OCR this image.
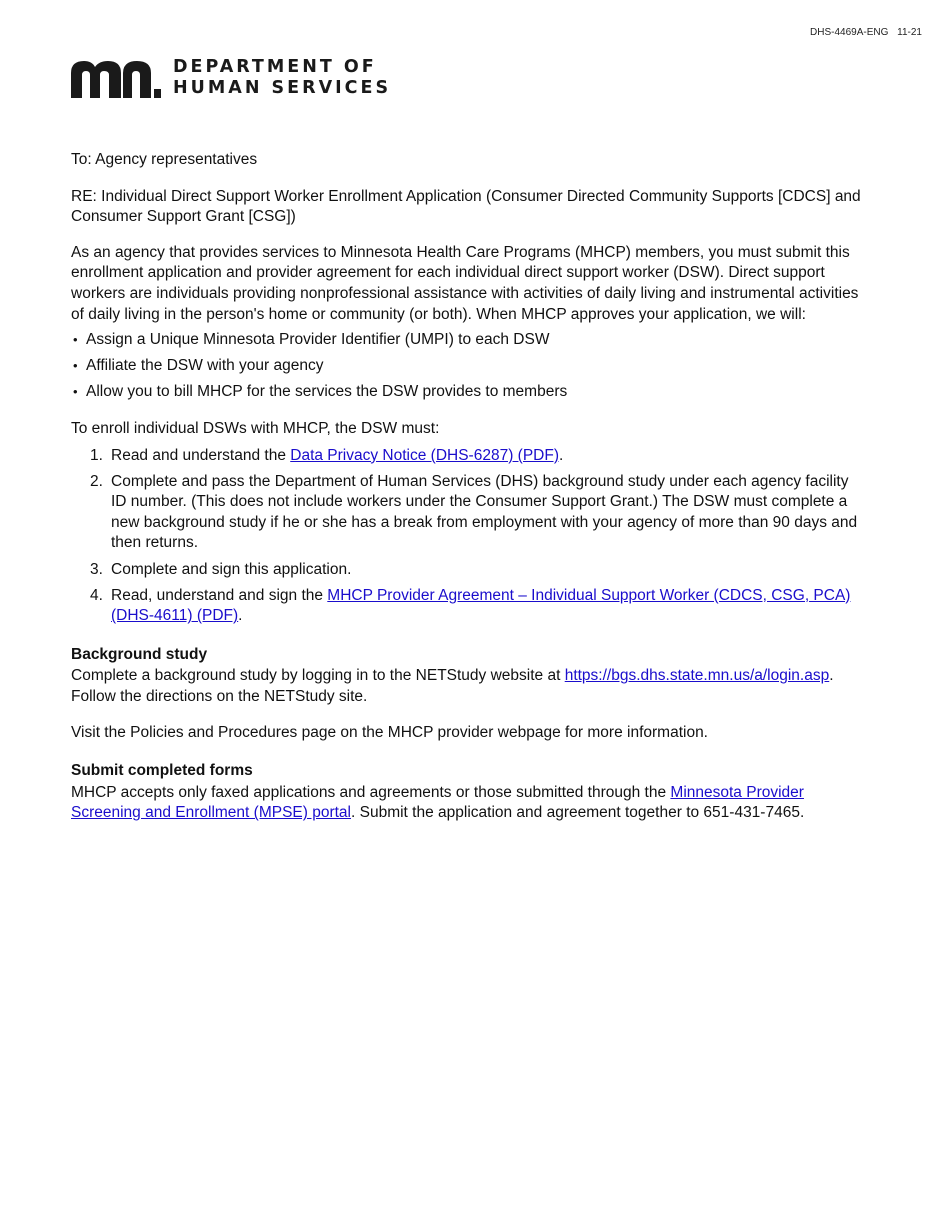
DHS-4469A-ENG 11-21
DEPARTMENT OF
HUMAN SERVICES

To: Agency representatives

RE: Individual Direct Support Worker Enrollment Application (Consumer Directed Community Supports [CDCS] and Consumer Support Grant [CSG])

As an agency that provides services to Minnesota Health Care Programs (MHCP) members, you must submit this enrollment application and provider agreement for each individual direct support worker (DSW). Direct support workers are individuals providing nonprofessional assistance with activities of daily living and instrumental activities of daily living in the person's home or community (or both). When MHCP approves your application, we will:

• Assign a Unique Minnesota Provider Identifier (UMPI) to each DSW
• Affiliate the DSW with your agency
• Allow you to bill MHCP for the services the DSW provides to members

To enroll individual DSWs with MHCP, the DSW must:

1. Read and understand the Data Privacy Notice (DHS-6287) (PDF).
2. Complete and pass the Department of Human Services (DHS) background study under each agency facility ID number. (This does not include workers under the Consumer Support Grant.) The DSW must complete a new background study if he or she has a break from employment with your agency of more than 90 days and then returns.
3. Complete and sign this application.
4. Read, understand and sign the MHCP Provider Agreement – Individual Support Worker (CDCS, CSG, PCA) (DHS-4611) (PDF).
Background study

Complete a background study by logging in to the NETStudy website at https://bgs.dhs.state.mn.us/a/login.asp. Follow the directions on the NETStudy site.

Visit the Policies and Procedures page on the MHCP provider webpage for more information.

Submit completed forms

MHCP accepts only faxed applications and agreements or those submitted through the Minnesota Provider Screening and Enrollment (MPSE) portal. Submit the application and agreement together to 651-431-7465.
